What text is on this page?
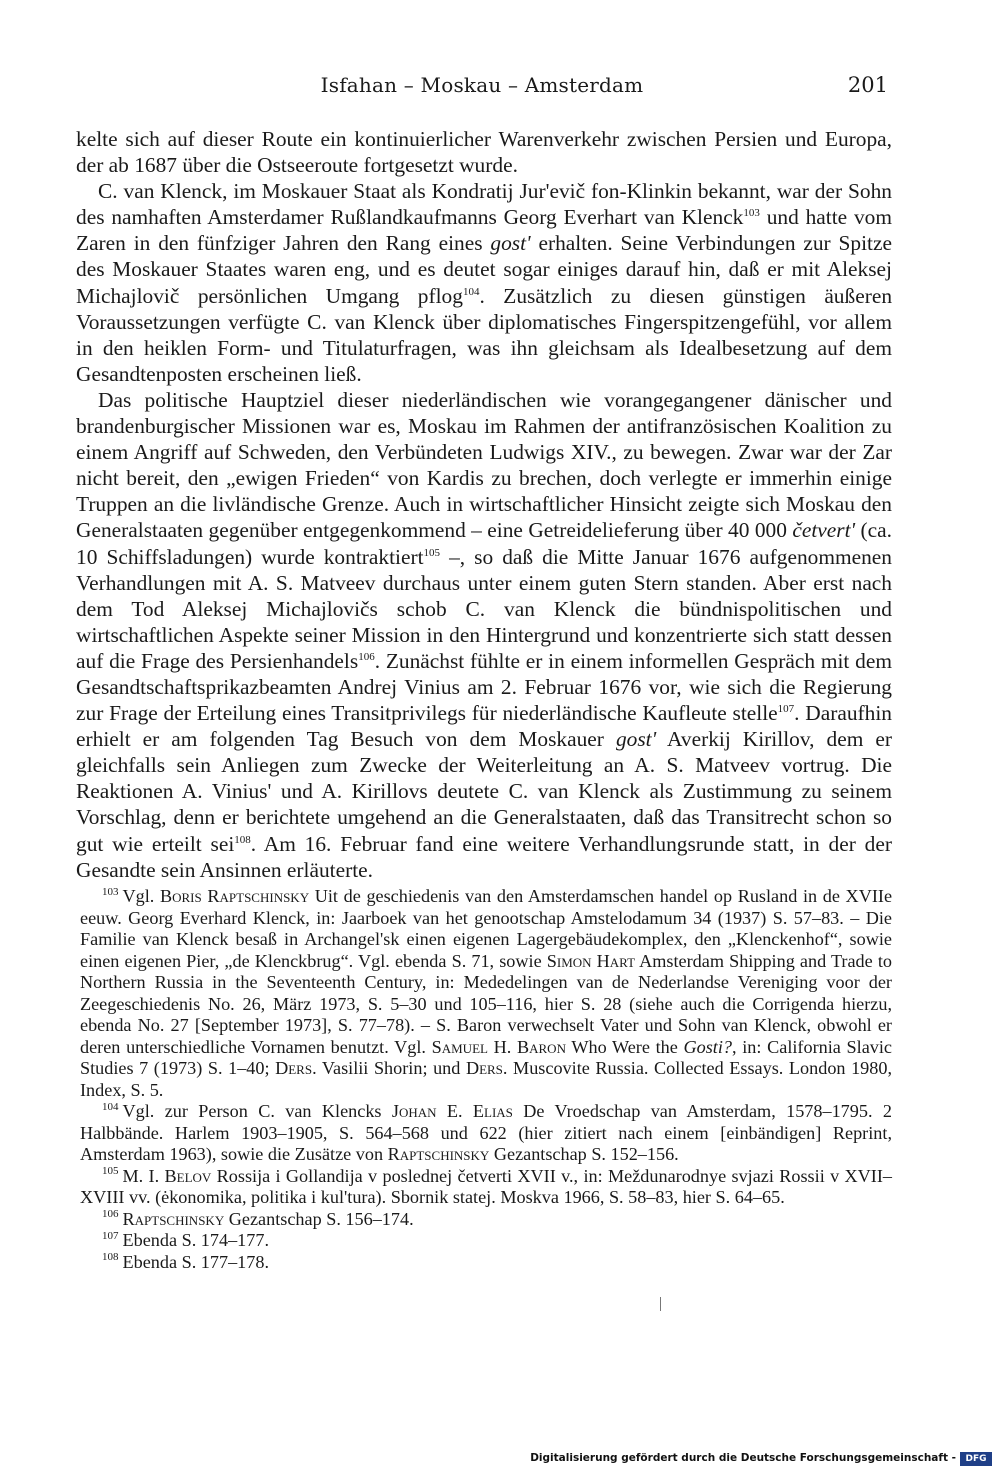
Isfahan – Moskau – Amsterdam	201

kelte sich auf dieser Route ein kontinuierlicher Warenverkehr zwischen Persien und Europa, der ab 1687 über die Ostseeroute fortgesetzt wurde.

C. van Klenck, im Moskauer Staat als Kondratij Jur'evič fon-Klinkin bekannt, war der Sohn des namhaften Amsterdamer Rußlandkaufmanns Georg Everhart van Klenck$^{103}$ und hatte vom Zaren in den fünfziger Jahren den Rang eines gost' erhalten. Seine Verbindungen zur Spitze des Moskauer Staates waren eng, und es deutet sogar einiges darauf hin, daß er mit Aleksej Michajlovič persönlichen Umgang pflog$^{104}$. Zusätzlich zu diesen günstigen äußeren Voraussetzungen verfügte C. van Klenck über diplomatisches Fingerspitzengefühl, vor allem in den heiklen Form- und Titulaturfragen, was ihn gleichsam als Idealbesetzung auf dem Gesandtenposten erscheinen ließ.

Das politische Hauptziel dieser niederländischen wie vorangegangener dänischer und brandenburgischer Missionen war es, Moskau im Rahmen der antifranzösischen Koalition zu einem Angriff auf Schweden, den Verbündeten Ludwigs XIV., zu bewegen. Zwar war der Zar nicht bereit, den „ewigen Frieden“ von Kardis zu brechen, doch verlegte er immerhin einige Truppen an die livländische Grenze. Auch in wirtschaftlicher Hinsicht zeigte sich Moskau den Generalstaaten gegenüber entgegenkommend – eine Getreidelieferung über 40 000 četvert' (ca. 10 Schiffsladungen) wurde kontraktiert$^{105}$ –, so daß die Mitte Januar 1676 aufgenommenen Verhandlungen mit A. S. Matveev durchaus unter einem guten Stern standen. Aber erst nach dem Tod Aleksej Michajlovičs schob C. van Klenck die bündnispolitischen und wirtschaftlichen Aspekte seiner Mission in den Hintergrund und konzentrierte sich statt dessen auf die Frage des Persienhandels$^{106}$. Zunächst fühlte er in einem informellen Gespräch mit dem Gesandtschaftsprikazbeamten Andrej Vinius am 2. Februar 1676 vor, wie sich die Regierung zur Frage der Erteilung eines Transitprivilegs für niederländische Kaufleute stelle$^{107}$. Daraufhin erhielt er am folgenden Tag Besuch von dem Moskauer gost' Averkij Kirillov, dem er gleichfalls sein Anliegen zum Zwecke der Weiterleitung an A. S. Matveev vortrug. Die Reaktionen A. Vinius' und A. Kirillovs deutete C. van Klenck als Zustimmung zu seinem Vorschlag, denn er berichtete umgehend an die Generalstaaten, daß das Transitrecht schon so gut wie erteilt sei$^{108}$. Am 16. Februar fand eine weitere Verhandlungsrunde statt, in der der Gesandte sein Ansinnen erläuterte.

$^{103}$ Vgl. Boris Raptschinsky Uit de geschiedenis van den Amsterdamschen handel op Rusland in de XVIIe eeuw. Georg Everhard Klenck, in: Jaarboek van het genootschap Amstelodamum 34 (1937) S. 57–83. – Die Familie van Klenck besaß in Archangel'sk einen eigenen Lagergebäudekomplex, den „Klenckenhof“, sowie einen eigenen Pier, „de Klenckbrug“. Vgl. ebenda S. 71, sowie Simon Hart Amsterdam Shipping and Trade to Northern Russia in the Seventeenth Century, in: Mededelingen van de Nederlandse Vereniging voor der Zeegeschiedenis No. 26, März 1973, S. 5–30 und 105–116, hier S. 28 (siehe auch die Corrigenda hierzu, ebenda No. 27 [September 1973], S. 77–78). – S. Baron verwechselt Vater und Sohn van Klenck, obwohl er deren unterschiedliche Vornamen benutzt. Vgl. Samuel H. Baron Who Were the Gosti?, in: California Slavic Studies 7 (1973) S. 1–40; Ders. Vasilii Shorin; und Ders. Muscovite Russia. Collected Essays. London 1980, Index, S. 5.

$^{104}$ Vgl. zur Person C. van Klencks Johan E. Elias De Vroedschap van Amsterdam, 1578–1795. 2 Halbbände. Harlem 1903–1905, S. 564–568 und 622 (hier zitiert nach einem [einbändigen] Reprint, Amsterdam 1963), sowie die Zusätze von Raptschinsky Gezantschap S. 152–156.

$^{105}$ M. I. Belov Rossija i Gollandija v poslednej četverti XVII v., in: Meždunarodnye svjazi Rossii v XVII–XVIII vv. (ėkonomika, politika i kul'tura). Sbornik statej. Moskva 1966, S. 58–83, hier S. 64–65.

$^{106}$ Raptschinsky Gezantschap S. 156–174.

$^{107}$ Ebenda S. 174–177.

$^{108}$ Ebenda S. 177–178.

Digitalisierung gefördert durch die Deutsche Forschungsgemeinschaft -	DFG
